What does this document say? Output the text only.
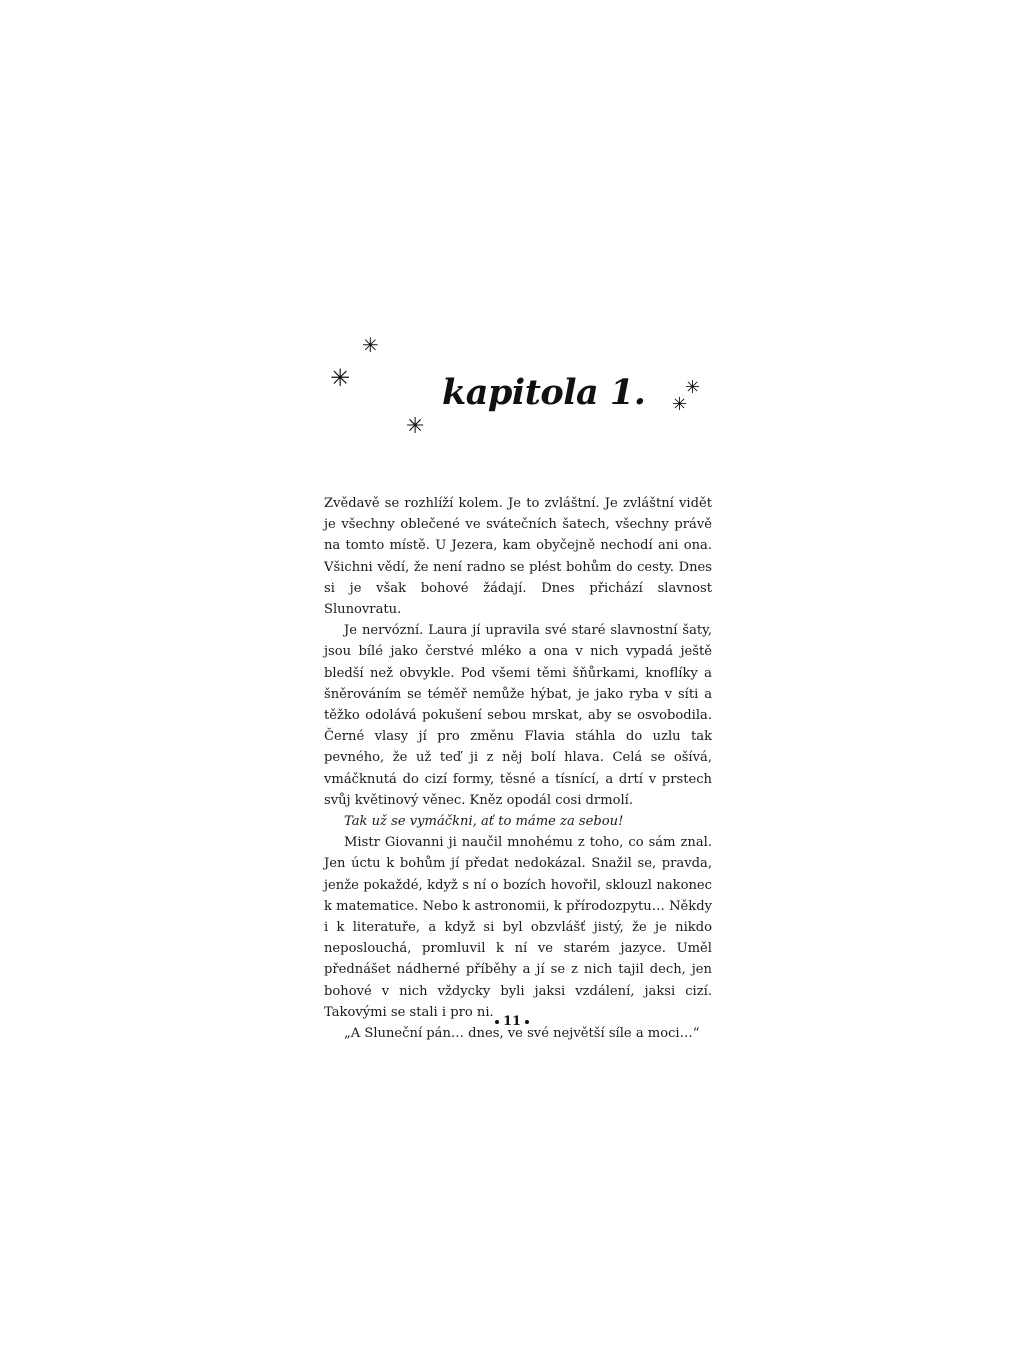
✳
✳
✳
✳
✳
kapitola 1.

Zvědavě se rozhlíží kolem. Je to zvláštní. Je zvláštní vidět je všechny oblečené ve svátečních šatech, všechny právě na tomto místě. U Jezera, kam obyčejně nechodí ani ona. Všichni vědí, že není radno se plést bohům do cesty. Dnes si je však bohové žádají. Dnes přichází slavnost Slunovratu.

Je nervózní. Laura jí upravila své staré slavnostní šaty, jsou bílé jako čerstvé mléko a ona v nich vypadá ještě bledší než obvykle. Pod všemi těmi šňůrkami, knoflíky a šněrováním se téměř nemůže hýbat, je jako ryba v síti a těžko odolává pokušení sebou mrskat, aby se osvobodila. Černé vlasy jí pro změnu Flavia stáhla do uzlu tak pevného, že už teď ji z něj bolí hlava. Celá se ošívá, vmáčknutá do cizí formy, těsné a tísnící, a drtí v prstech svůj květinový věnec. Kněz opodál cosi drmolí.

Tak už se vymáčkni, ať to máme za sebou!

Mistr Giovanni ji naučil mnohému z toho, co sám znal. Jen úctu k bohům jí předat nedokázal. Snažil se, pravda, jenže pokaždé, když s ní o bozích hovořil, sklouzl nakonec k matematice. Nebo k astronomii, k přírodozpytu… Někdy i k literatuře, a když si byl obzvlášť jistý, že je nikdo neposlouchá, promluvil k ní ve starém jazyce. Uměl přednášet nádherné příběhy a jí se z nich tajil dech, jen bohové v nich vždycky byli jaksi vzdálení, jaksi cizí. Takovými se stali i pro ni.

„A Sluneční pán… dnes, ve své největší síle a moci…“

11
